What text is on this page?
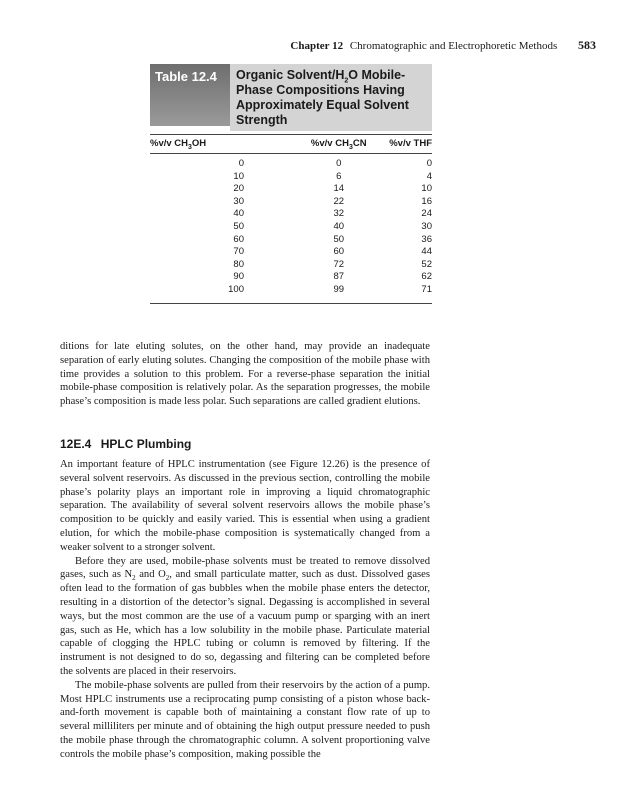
Chapter 12 Chromatographic and Electrophoretic Methods 583
Table 12.4	Organic Solvent/$H_2O$ Mobile- Phase Compositions Having Approximately Equal Solvent Strength
%v/v $CH_3OH$	%v/v $CH_3CN$	%v/v THF
0	0	0
10	6	4
20	14	10
30	22	16
40	32	24
50	40	30
60	50	36
70	60	44
80	72	52
90	87	62
100	99	71

ditions for late eluting solutes, on the other hand, may provide an inadequate separation of early eluting solutes. Changing the composition of the mobile phase with time provides a solution to this problem. For a reverse-phase separation the initial mobile-phase composition is relatively polar. As the separation progresses, the mobile phase’s composition is made less polar. Such separations are called gradient elutions.

12E.4 HPLC Plumbing

An important feature of HPLC instrumentation (see Figure 12.26) is the presence of several solvent reservoirs. As discussed in the previous section, controlling the mobile phase’s polarity plays an important role in improving a liquid chromatographic separation. The availability of several solvent reservoirs allows the mobile phase’s composition to be quickly and easily varied. This is essential when using a gradient elution, for which the mobile-phase composition is systematically changed from a weaker solvent to a stronger solvent.

Before they are used, mobile-phase solvents must be treated to remove dissolved gases, such as $N_2$ and $O_2$, and small particulate matter, such as dust. Dissolved gases often lead to the formation of gas bubbles when the mobile phase enters the detector, resulting in a distortion of the detector’s signal. Degassing is accomplished in several ways, but the most common are the use of a vacuum pump or sparging with an inert gas, such as He, which has a low solubility in the mobile phase. Particulate material capable of clogging the HPLC tubing or column is removed by filtering. If the instrument is not designed to do so, degassing and filtering can be completed before the solvents are placed in their reservoirs.

The mobile-phase solvents are pulled from their reservoirs by the action of a pump. Most HPLC instruments use a reciprocating pump consisting of a piston whose back-and-forth movement is capable both of maintaining a constant flow rate of up to several milliliters per minute and of obtaining the high output pressure needed to push the mobile phase through the chromatographic column. A solvent proportioning valve controls the mobile phase’s composition, making possible the
